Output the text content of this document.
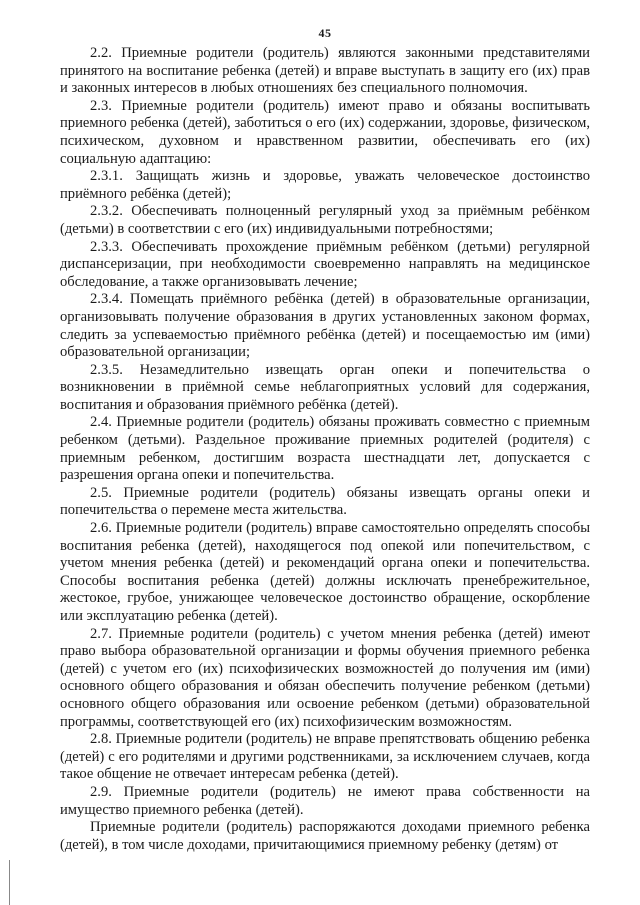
45

2.2. Приемные родители (родитель) являются законными представителями принятого на воспитание ребенка (детей) и вправе выступать в защиту его (их) прав и законных интересов в любых отношениях без специального полномочия.

2.3. Приемные родители (родитель) имеют право и обязаны воспитывать приемного ребенка (детей), заботиться о его (их) содержании, здоровье, физическом, психическом, духовном и нравственном развитии, обеспечивать его (их) социальную адаптацию:

2.3.1. Защищать жизнь и здоровье, уважать человеческое достоинство приёмного ребёнка (детей);

2.3.2. Обеспечивать полноценный регулярный уход за приёмным ребёнком (детьми) в соответствии с его (их) индивидуальными потребностями;

2.3.3. Обеспечивать прохождение приёмным ребёнком (детьми) регулярной диспансеризации, при необходимости своевременно направлять на медицинское обследование, а также организовывать лечение;

2.3.4. Помещать приёмного ребёнка (детей) в образовательные организации, организовывать получение образования в других установленных законом формах, следить за успеваемостью приёмного ребёнка (детей) и посещаемостью им (ими) образовательной организации;

2.3.5. Незамедлительно извещать орган опеки и попечительства о возникновении в приёмной семье неблагоприятных условий для содержания, воспитания и образования приёмного ребёнка (детей).

2.4. Приемные родители (родитель) обязаны проживать совместно с приемным ребенком (детьми). Раздельное проживание приемных родителей (родителя) с приемным ребенком, достигшим возраста шестнадцати лет, допускается с разрешения органа опеки и попечительства.

2.5. Приемные родители (родитель) обязаны извещать органы опеки и попечительства о перемене места жительства.

2.6. Приемные родители (родитель) вправе самостоятельно определять способы воспитания ребенка (детей), находящегося под опекой или попечительством, с учетом мнения ребенка (детей) и рекомендаций органа опеки и попечительства. Способы воспитания ребенка (детей) должны исключать пренебрежительное, жестокое, грубое, унижающее человеческое достоинство обращение, оскорбление или эксплуатацию ребенка (детей).

2.7. Приемные родители (родитель) с учетом мнения ребенка (детей) имеют право выбора образовательной организации и формы обучения приемного ребенка (детей) с учетом его (их) психофизических возможностей до получения им (ими) основного общего образования и обязан обеспечить получение ребенком (детьми) основного общего образования или освоение ребенком (детьми) образовательной программы, соответствующей его (их) психофизическим возможностям.

2.8. Приемные родители (родитель) не вправе препятствовать общению ребенка (детей) с его родителями и другими родственниками, за исключением случаев, когда такое общение не отвечает интересам ребенка (детей).

2.9. Приемные родители (родитель) не имеют права собственности на имущество приемного ребенка (детей).

Приемные родители (родитель) распоряжаются доходами приемного ребенка (детей), в том числе доходами, причитающимися приемному ребенку (детям) от
